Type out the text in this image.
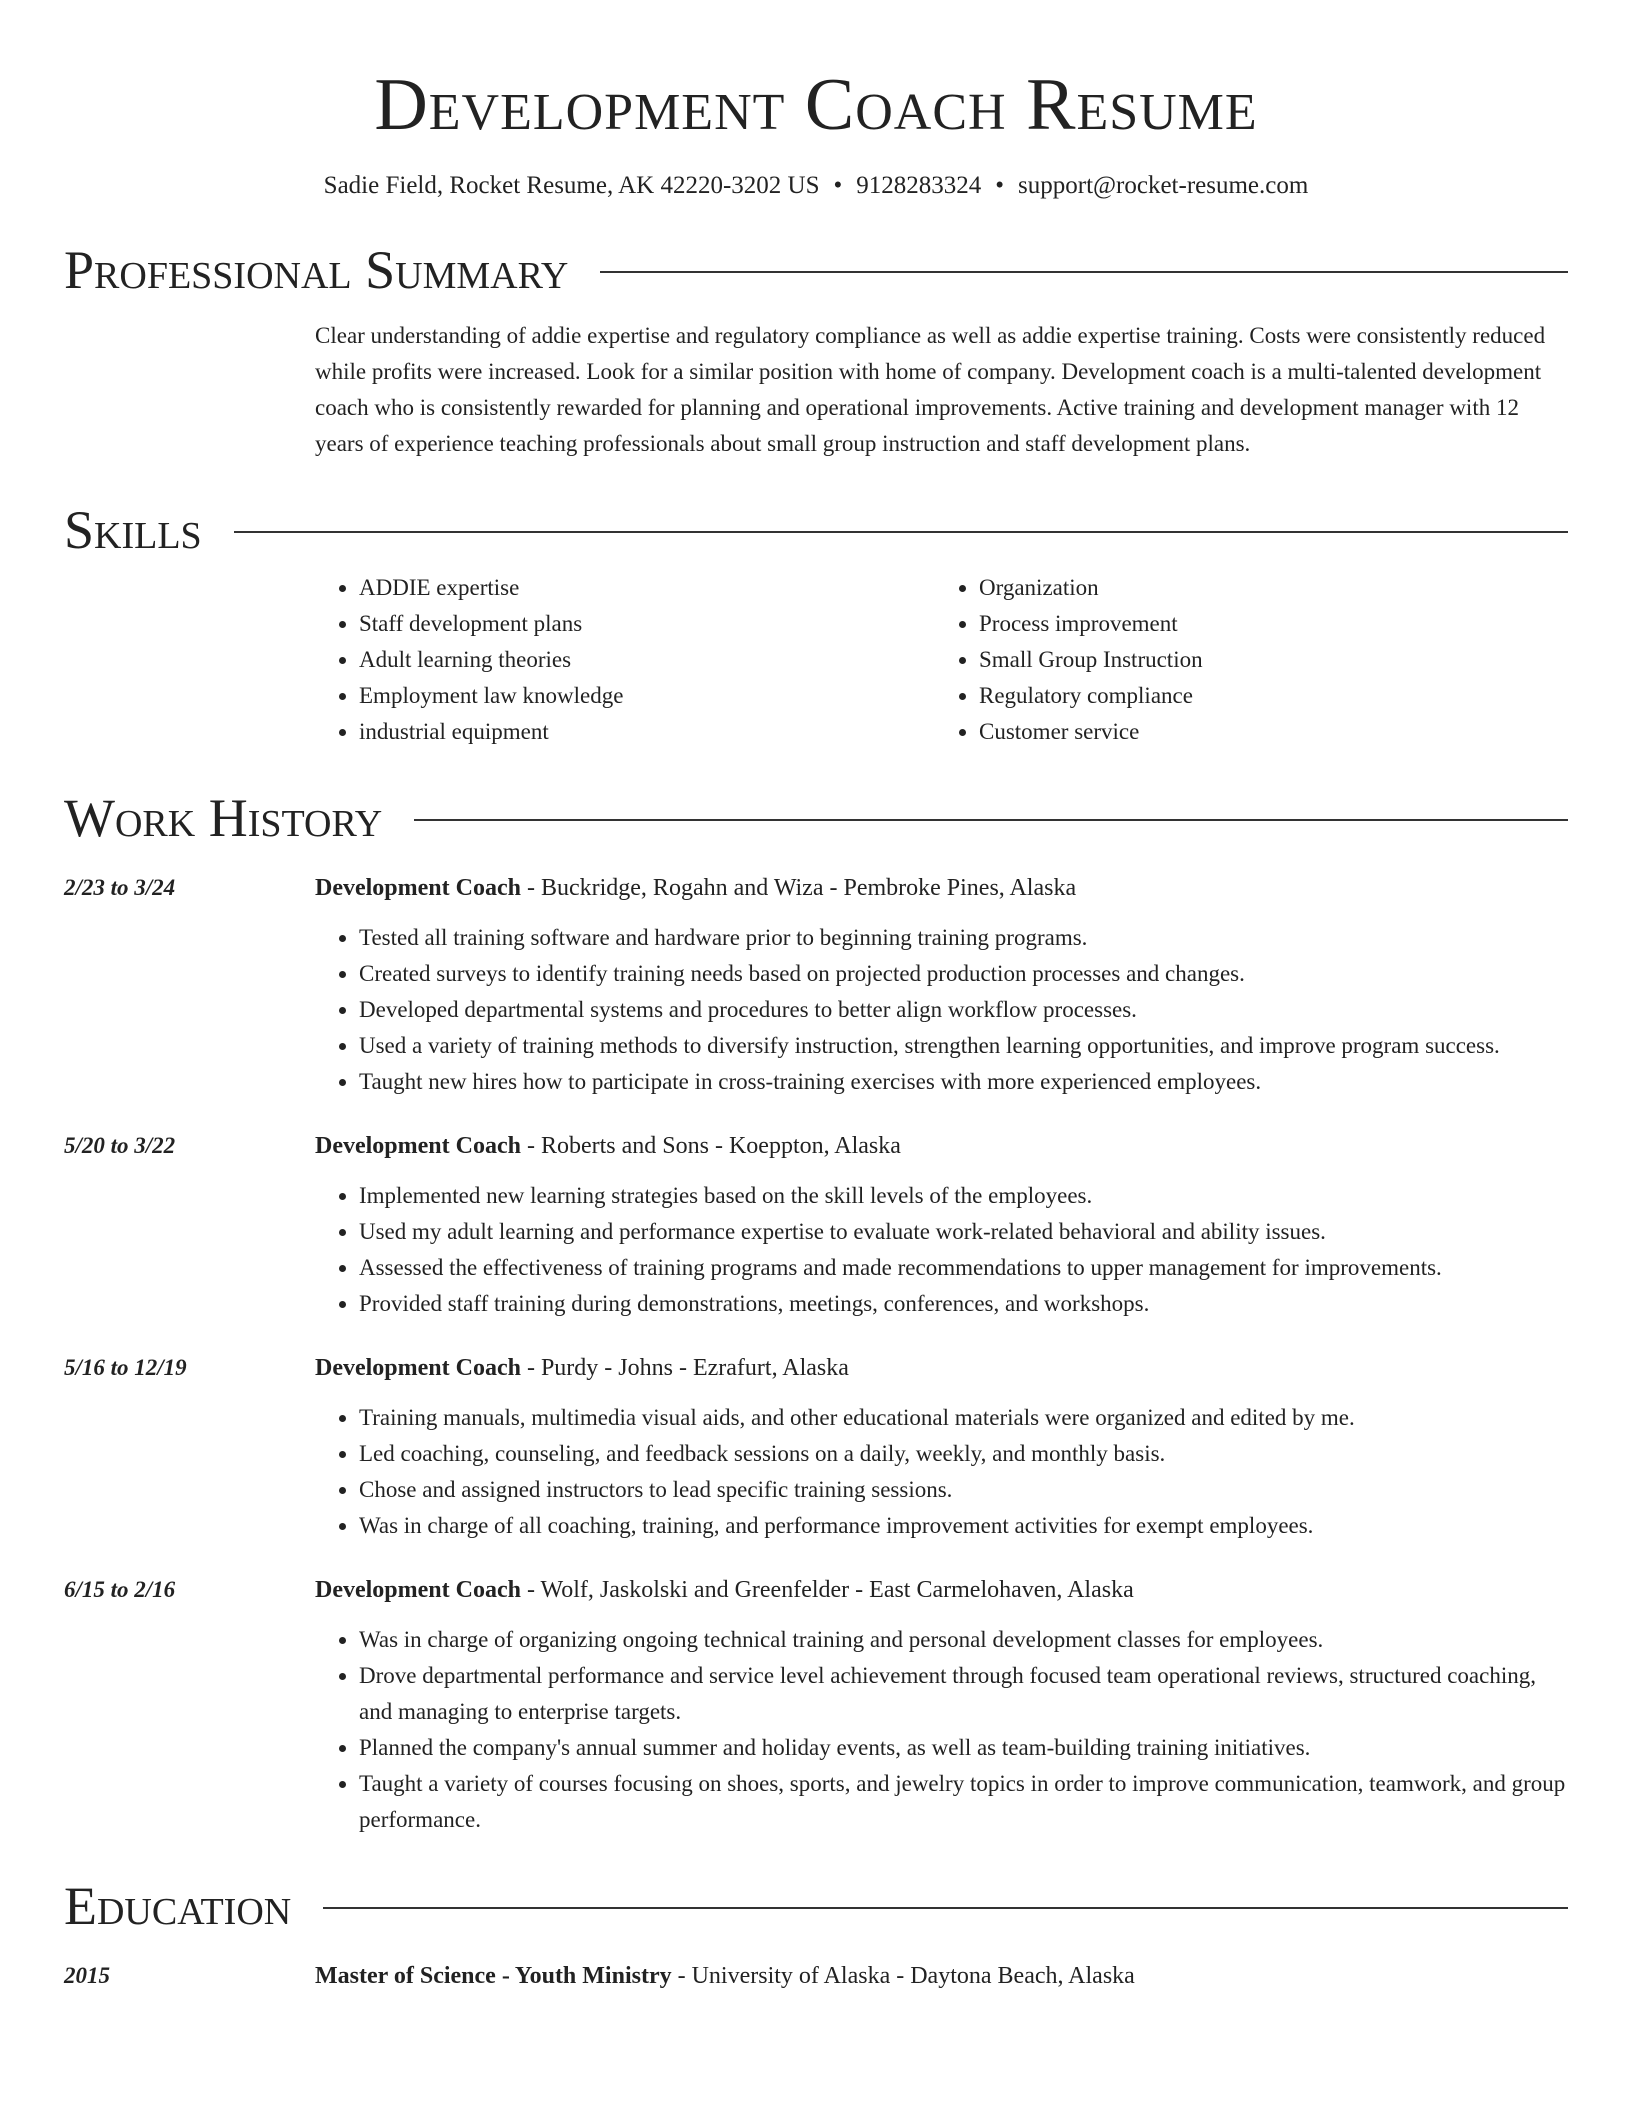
Development Coach Resume
Sadie Field, Rocket Resume, AK 42220-3202 US • 9128283324 • support@rocket-resume.com
Professional Summary

Clear understanding of addie expertise and regulatory compliance as well as addie expertise training. Costs were consistently reduced while profits were increased. Look for a similar position with home of company. Development coach is a multi-talented development coach who is consistently rewarded for planning and operational improvements. Active training and development manager with 12 years of experience teaching professionals about small group instruction and staff development plans.

Skills
• ADDIE expertise
• Staff development plans
• Adult learning theories
• Employment law knowledge
• industrial equipment
• Organization
• Process improvement
• Small Group Instruction
• Regulatory compliance
• Customer service
Work History
2/23 to 3/24	Development Coach - Buckridge, Rogahn and Wiza - Pembroke Pines, Alaska
• Tested all training software and hardware prior to beginning training programs.
• Created surveys to identify training needs based on projected production processes and changes.
• Developed departmental systems and procedures to better align workflow processes.
• Used a variety of training methods to diversify instruction, strengthen learning opportunities, and improve program success.
• Taught new hires how to participate in cross-training exercises with more experienced employees.
5/20 to 3/22	Development Coach - Roberts and Sons - Koeppton, Alaska
• Implemented new learning strategies based on the skill levels of the employees.
• Used my adult learning and performance expertise to evaluate work-related behavioral and ability issues.
• Assessed the effectiveness of training programs and made recommendations to upper management for improvements.
• Provided staff training during demonstrations, meetings, conferences, and workshops.
5/16 to 12/19	Development Coach - Purdy - Johns - Ezrafurt, Alaska
• Training manuals, multimedia visual aids, and other educational materials were organized and edited by me.
• Led coaching, counseling, and feedback sessions on a daily, weekly, and monthly basis.
• Chose and assigned instructors to lead specific training sessions.
• Was in charge of all coaching, training, and performance improvement activities for exempt employees.
6/15 to 2/16	Development Coach - Wolf, Jaskolski and Greenfelder - East Carmelohaven, Alaska
• Was in charge of organizing ongoing technical training and personal development classes for employees.
• Drove departmental performance and service level achievement through focused team operational reviews, structured coaching, and managing to enterprise targets.
• Planned the company's annual summer and holiday events, as well as team-building training initiatives.
• Taught a variety of courses focusing on shoes, sports, and jewelry topics in order to improve communication, teamwork, and group performance.
Education
2015	Master of Science - Youth Ministry - University of Alaska - Daytona Beach, Alaska
